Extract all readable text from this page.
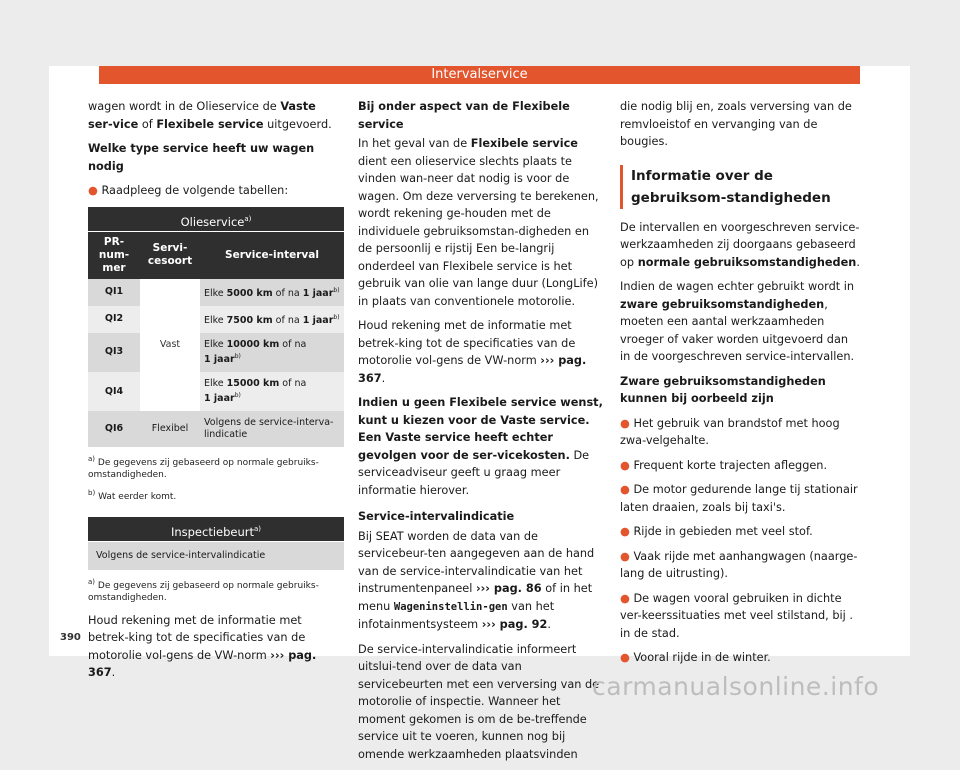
Intervalservice

wagen wordt in de Olieservice de Vaste ser-vice of Flexibele service uitgevoerd.

Welke type service heeft uw wagen nodig

● Raadpleeg de volgende tabellen:

Olieservice$^{a)}$
PR-num-mer	Servi-cesoort	Service-interval
QI1	Vast	Elke 5000 km of na 1 jaar$^{b)}$
QI2		Elke 7500 km of na 1 jaar$^{b)}$
QI3		Elke 10000 km of na
1 jaar$^{b)}$
QI4		Elke 15000 km of na
1 jaar$^{b)}$
QI6	Flexibel	Volgens de service-interva-lindicatie
$^{a)}$ De gegevens zij gebaseerd op normale gebruiks-omstandigheden.
$^{b)}$ Wat eerder komt.
Inspectiebeurt$^{a)}$
Volgens de service-intervalindicatie
$^{a)}$ De gegevens zij gebaseerd op normale gebruiks-omstandigheden.

Houd rekening met de informatie met betrek-king tot de specificaties van de motorolie vol-gens de VW-norm ››› pag. 367.

Bij onder aspect van de Flexibele service

In het geval van de Flexibele service dient een olieservice slechts plaats te vinden wan-neer dat nodig is voor de wagen. Om deze verversing te berekenen, wordt rekening ge-houden met de individuele gebruiksomstan-digheden en de persoonlij e rijstij Een be-langrij onderdeel van Flexibele service is het gebruik van olie van lange duur (LongLife) in plaats van conventionele motorolie.

Houd rekening met de informatie met betrek-king tot de specificaties van de motorolie vol-gens de VW-norm ››› pag. 367.

Indien u geen Flexibele service wenst, kunt u kiezen voor de Vaste service. Een Vaste service heeft echter gevolgen voor de ser-vicekosten. De serviceadviseur geeft u graag meer informatie hierover.

Service-intervalindicatie

Bij SEAT worden de data van de servicebeur-ten aangegeven aan de hand van de service-intervalindicatie van het instrumentenpaneel ››› pag. 86 of in het menu Wageninstellin-gen van het infotainmentsysteem ››› pag. 92.

De service-intervalindicatie informeert uitslui-tend over de data van servicebeurten met een verversing van de motorolie of inspectie. Wanneer het moment gekomen is om de be-treffende service uit te voeren, kunnen nog bij omende werkzaamheden plaatsvinden

die nodig blij en, zoals verversing van de remvloeistof en vervanging van de bougies.

Informatie over de gebruiksom-standigheden

De intervallen en voorgeschreven service-werkzaamheden zij doorgaans gebaseerd op normale gebruiksomstandigheden.

Indien de wagen echter gebruikt wordt in zware gebruiksomstandigheden, moeten een aantal werkzaamheden vroeger of vaker worden uitgevoerd dan in de voorgeschreven service-intervallen.

Zware gebruiksomstandigheden kunnen bij oorbeeld zijn

● Het gebruik van brandstof met hoog zwa-velgehalte.

● Frequent korte trajecten afleggen.

● De motor gedurende lange tij stationair laten draaien, zoals bij taxi's.

● Rijde in gebieden met veel stof.

● Vaak rijde met aanhangwagen (naarge-lang de uitrusting).

● De wagen vooral gebruiken in dichte ver-keerssituaties met veel stilstand, bij . in de stad.

● Vooral rijde in de winter.

390
carmanualsonline.info
